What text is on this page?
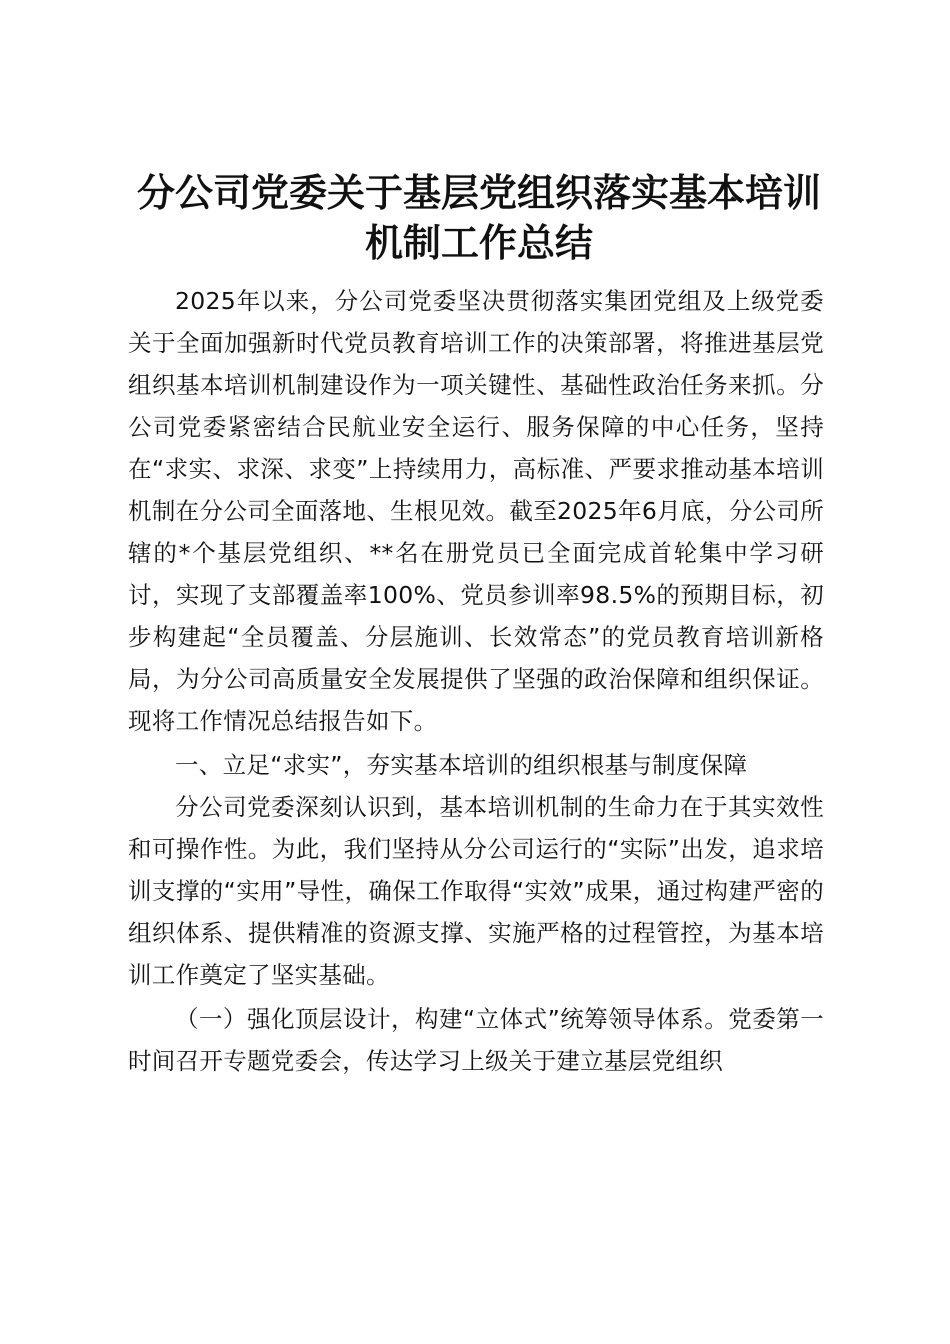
分公司党委关于基层党组织落实基本培训机制工作总结

2025年以来，分公司党委坚决贯彻落实集团党组及上级党委关于全面加强新时代党员教育培训工作的决策部署，将推进基层党组织基本培训机制建设作为一项关键性、基础性政治任务来抓。分公司党委紧密结合民航业安全运行、服务保障的中心任务，坚持在“求实、求深、求变”上持续用力，高标准、严要求推动基本培训机制在分公司全面落地、生根见效。截至2025年6月底，分公司所辖的*个基层党组织、**名在册党员已全面完成首轮集中学习研讨，实现了支部覆盖率100%、党员参训率98.5%的预期目标，初步构建起“全员覆盖、分层施训、长效常态”的党员教育培训新格局，为分公司高质量安全发展提供了坚强的政治保障和组织保证。现将工作情况总结报告如下。

一、立足“求实”，夯实基本培训的组织根基与制度保障

分公司党委深刻认识到，基本培训机制的生命力在于其实效性和可操作性。为此，我们坚持从分公司运行的“实际”出发，追求培训支撑的“实用”导性，确保工作取得“实效”成果，通过构建严密的组织体系、提供精准的资源支撑、实施严格的过程管控，为基本培训工作奠定了坚实基础。

（一）强化顶层设计，构建“立体式”统筹领导体系。党委第一时间召开专题党委会，传达学习上级关于建立基层党组织
